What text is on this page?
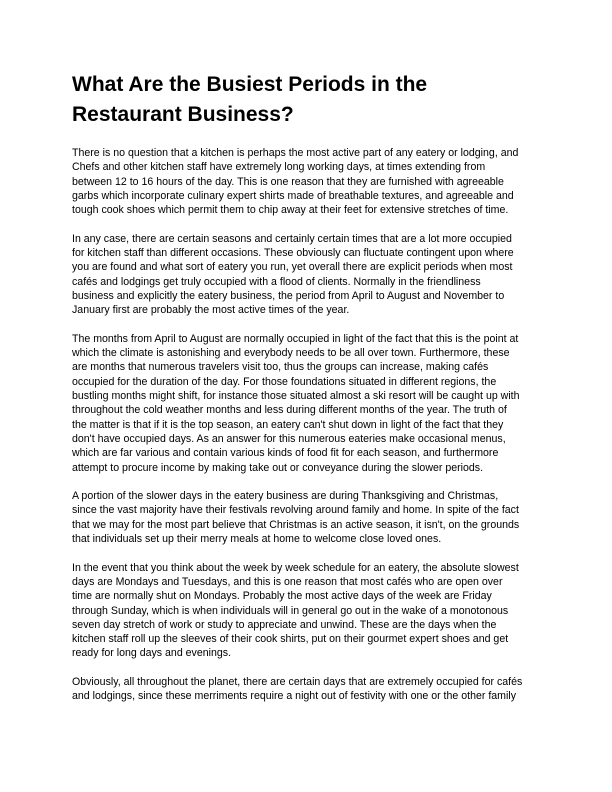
What Are the Busiest Periods in the
Restaurant Business?

There is no question that a kitchen is perhaps the most active part of any eatery or lodging, and
Chefs and other kitchen staff have extremely long working days, at times extending from
between 12 to 16 hours of the day. This is one reason that they are furnished with agreeable
garbs which incorporate culinary expert shirts made of breathable textures, and agreeable and
tough cook shoes which permit them to chip away at their feet for extensive stretches of time.

In any case, there are certain seasons and certainly certain times that are a lot more occupied
for kitchen staff than different occasions. These obviously can fluctuate contingent upon where
you are found and what sort of eatery you run, yet overall there are explicit periods when most
cafés and lodgings get truly occupied with a flood of clients. Normally in the friendliness
business and explicitly the eatery business, the period from April to August and November to
January first are probably the most active times of the year.

The months from April to August are normally occupied in light of the fact that this is the point at
which the climate is astonishing and everybody needs to be all over town. Furthermore, these
are months that numerous travelers visit too, thus the groups can increase, making cafés
occupied for the duration of the day. For those foundations situated in different regions, the
bustling months might shift, for instance those situated almost a ski resort will be caught up with
throughout the cold weather months and less during different months of the year. The truth of
the matter is that if it is the top season, an eatery can't shut down in light of the fact that they
don't have occupied days. As an answer for this numerous eateries make occasional menus,
which are far various and contain various kinds of food fit for each season, and furthermore
attempt to procure income by making take out or conveyance during the slower periods.

A portion of the slower days in the eatery business are during Thanksgiving and Christmas,
since the vast majority have their festivals revolving around family and home. In spite of the fact
that we may for the most part believe that Christmas is an active season, it isn't, on the grounds
that individuals set up their merry meals at home to welcome close loved ones.

In the event that you think about the week by week schedule for an eatery, the absolute slowest
days are Mondays and Tuesdays, and this is one reason that most cafés who are open over
time are normally shut on Mondays. Probably the most active days of the week are Friday
through Sunday, which is when individuals will in general go out in the wake of a monotonous
seven day stretch of work or study to appreciate and unwind. These are the days when the
kitchen staff roll up the sleeves of their cook shirts, put on their gourmet expert shoes and get
ready for long days and evenings.

Obviously, all throughout the planet, there are certain days that are extremely occupied for cafés
and lodgings, since these merriments require a night out of festivity with one or the other family
